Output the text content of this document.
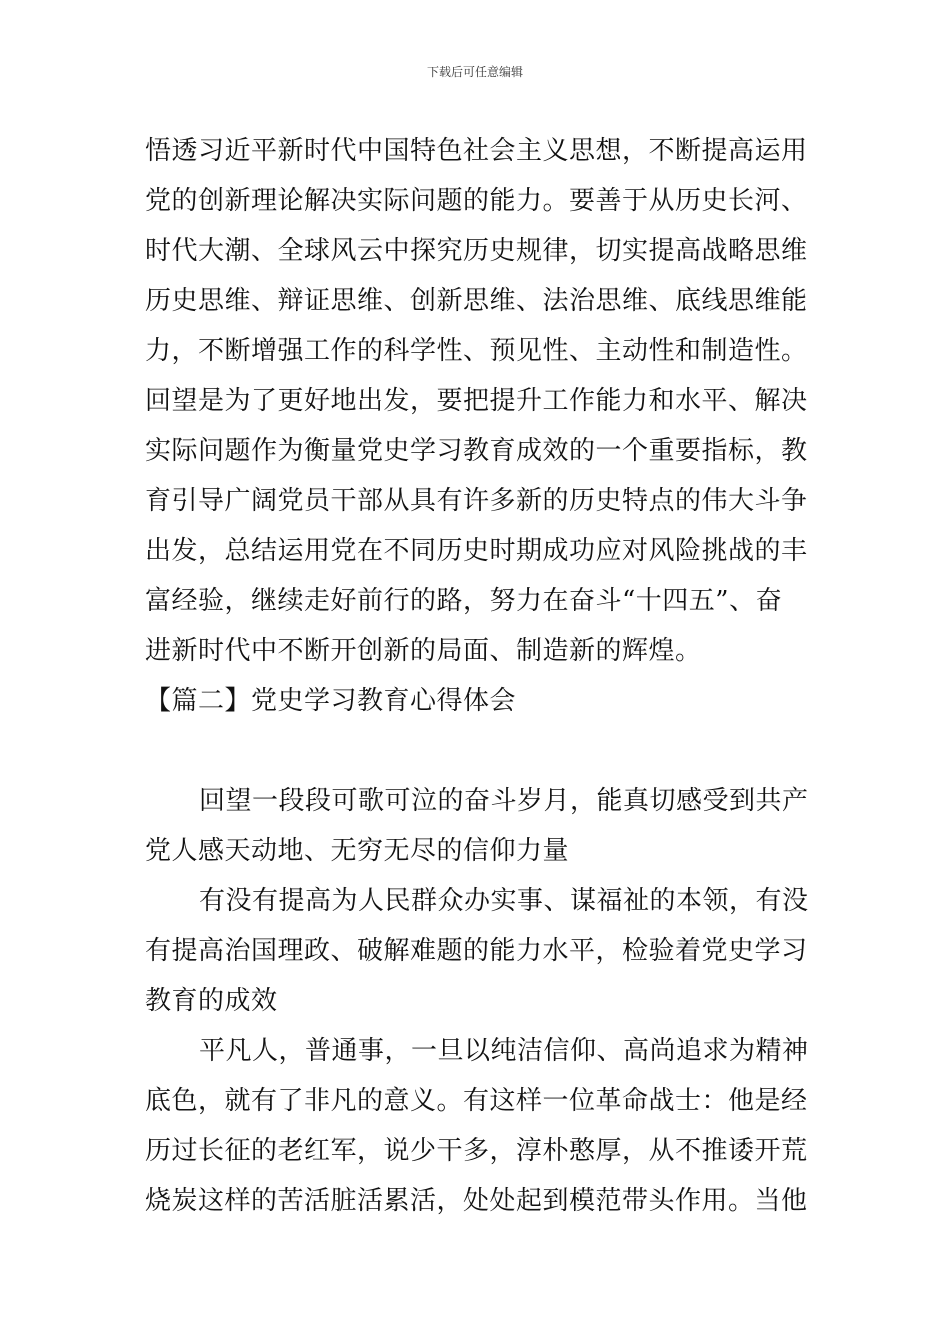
下载后可任意编辑
悟透习近平新时代中国特色社会主义思想，不断提高运用
党的创新理论解决实际问题的能力。要善于从历史长河、
时代大潮、全球风云中探究历史规律，切实提高战略思维
历史思维、辩证思维、创新思维、法治思维、底线思维能
力，不断增强工作的科学性、预见性、主动性和制造性。
回望是为了更好地出发，要把提升工作能力和水平、解决
实际问题作为衡量党史学习教育成效的一个重要指标，教
育引导广阔党员干部从具有许多新的历史特点的伟大斗争
出发，总结运用党在不同历史时期成功应对风险挑战的丰
富经验，继续走好前行的路，努力在奋斗“十四五”、奋
进新时代中不断开创新的局面、制造新的辉煌。
【篇二】党史学习教育心得体会
回望一段段可歌可泣的奋斗岁月，能真切感受到共产
党人感天动地、无穷无尽的信仰力量
有没有提高为人民群众办实事、谋福祉的本领，有没
有提高治国理政、破解难题的能力水平，检验着党史学习
教育的成效
平凡人，普通事，一旦以纯洁信仰、高尚追求为精神
底色，就有了非凡的意义。有这样一位革命战士：他是经
历过长征的老红军，说少干多，淳朴憨厚，从不推诿开荒
烧炭这样的苦活脏活累活，处处起到模范带头作用。当他
